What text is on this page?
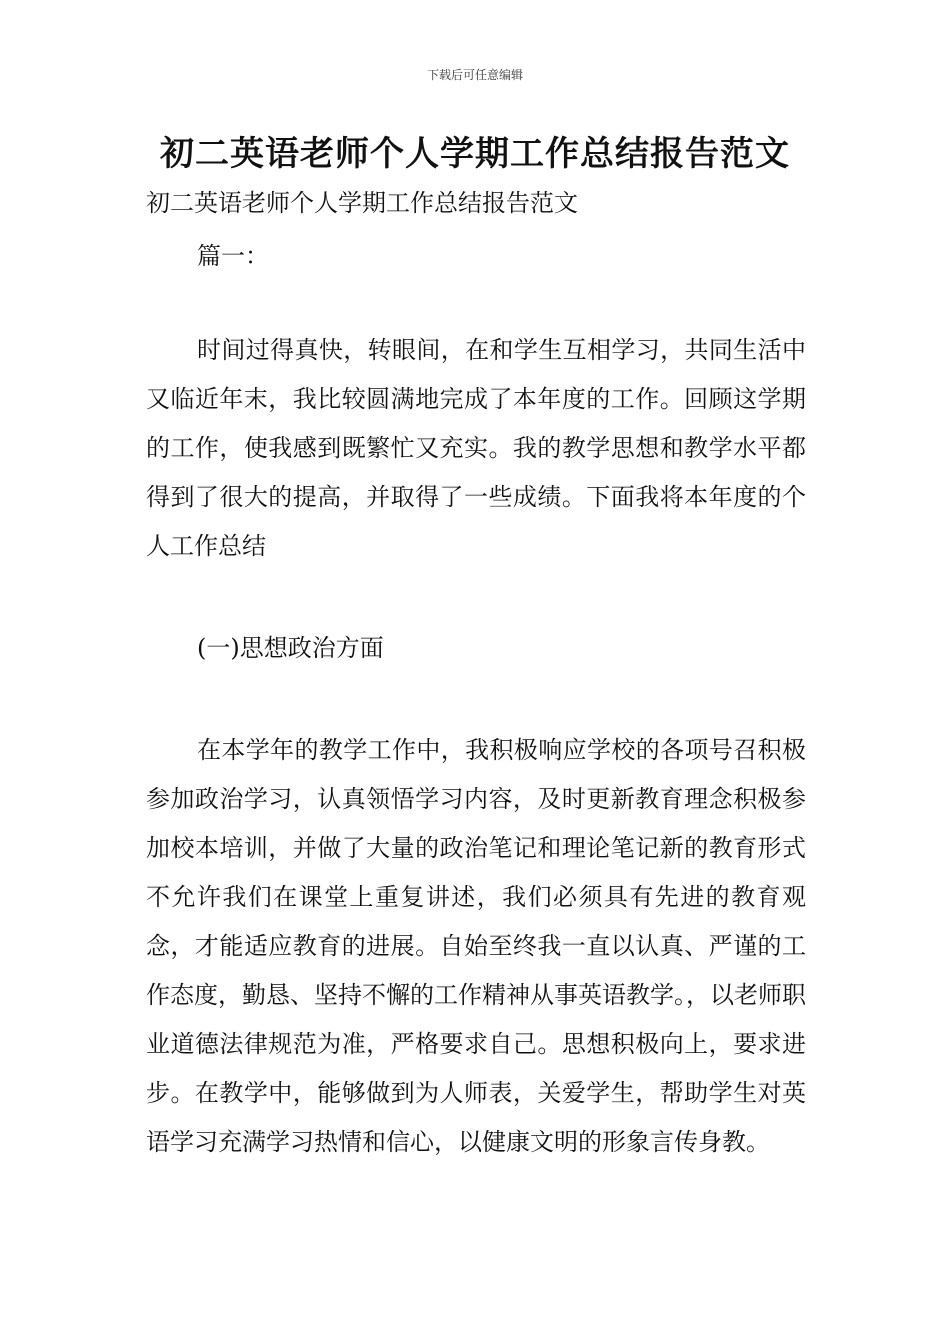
下载后可任意编辑
初二英语老师个人学期工作总结报告范文

初二英语老师个人学期工作总结报告范文

篇一：

时间过得真快，转眼间，在和学生互相学习，共同生活中又临近年末，我比较圆满地完成了本年度的工作。回顾这学期的工作，使我感到既繁忙又充实。我的教学思想和教学水平都得到了很大的提高，并取得了一些成绩。下面我将本年度的个人工作总结

(一)思想政治方面

在本学年的教学工作中，我积极响应学校的各项号召积极参加政治学习，认真领悟学习内容，及时更新教育理念积极参加校本培训，并做了大量的政治笔记和理论笔记新的教育形式不允许我们在课堂上重复讲述，我们必须具有先进的教育观念，才能适应教育的进展。自始至终我一直以认真、严谨的工作态度，勤恳、坚持不懈的工作精神从事英语教学。，以老师职业道德法律规范为准，严格要求自己。思想积极向上，要求进步。在教学中，能够做到为人师表，关爱学生，帮助学生对英语学习充满学习热情和信心，以健康文明的形象言传身教。
